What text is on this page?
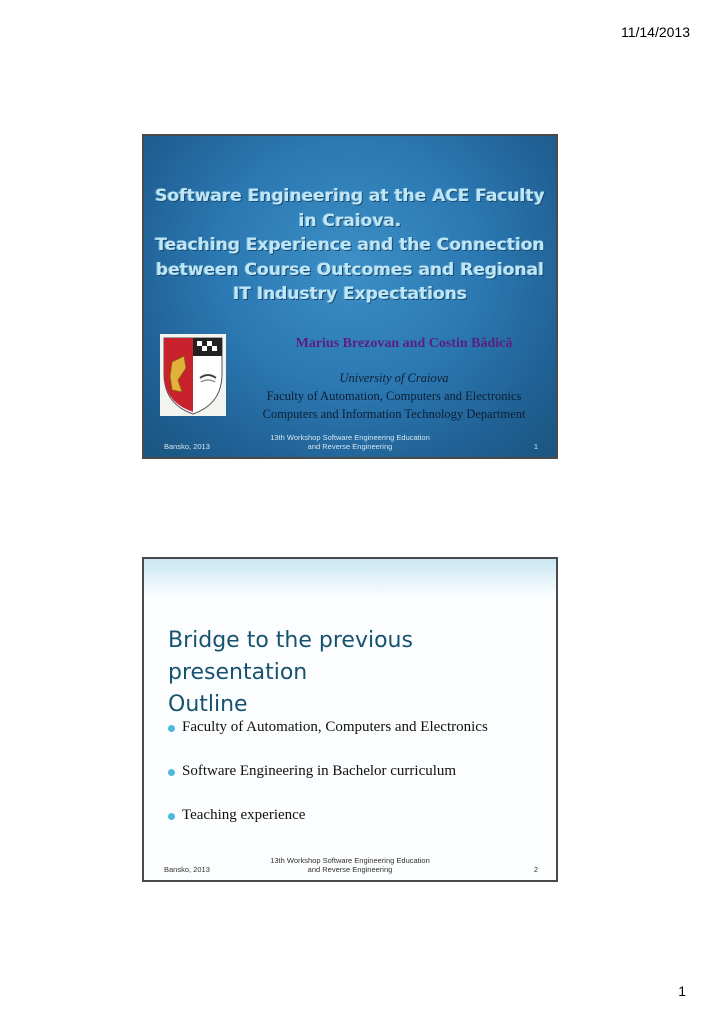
11/14/2013
Software Engineering at the ACE Faculty
in Craiova.
Teaching Experience and the Connection
between Course Outcomes and Regional
IT Industry Expectations
Marius Brezovan and Costin Bădică
University of Craiova
Faculty of Automation, Computers and Electronics
Computers and Information Technology Department
Bansko, 2013
13th Workshop Software Engineering Education
and Reverse Engineering	1
Bridge to the previous presentation
Outline
Faculty of Automation, Computers and Electronics
Software Engineering in Bachelor curriculum
Teaching experience
Bansko, 2013
13th Workshop Software Engineering Education
and Reverse Engineering	2
1
